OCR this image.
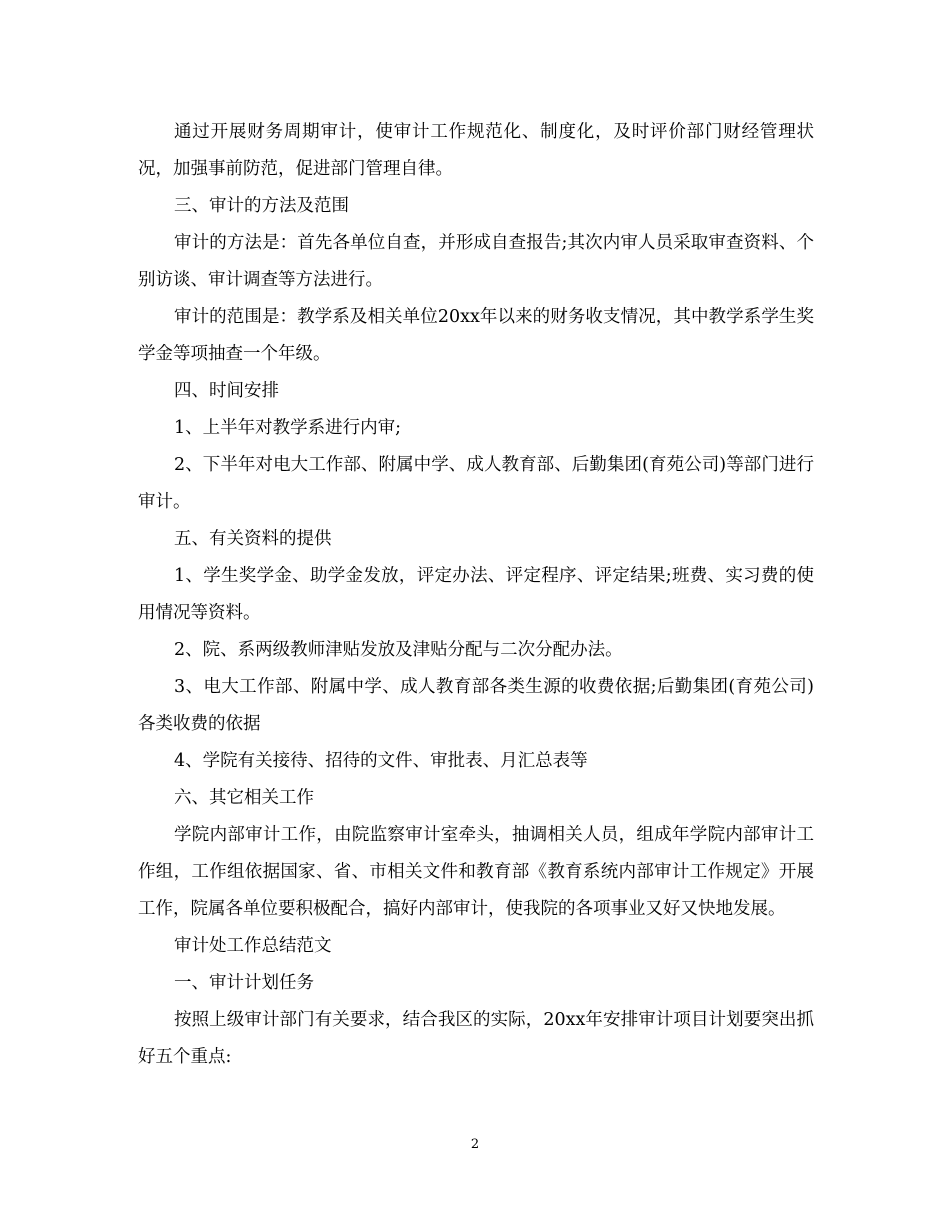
通过开展财务周期审计，使审计工作规范化、制度化，及时评价部门财经管理状况，加强事前防范，促进部门管理自律。

三、审计的方法及范围

审计的方法是：首先各单位自查，并形成自查报告;其次内审人员采取审查资料、个别访谈、审计调查等方法进行。

审计的范围是：教学系及相关单位20xx年以来的财务收支情况，其中教学系学生奖学金等项抽查一个年级。

四、时间安排

1、上半年对教学系进行内审;

2、下半年对电大工作部、附属中学、成人教育部、后勤集团(育苑公司)等部门进行审计。

五、有关资料的提供

1、学生奖学金、助学金发放，评定办法、评定程序、评定结果;班费、实习费的使用情况等资料。

2、院、系两级教师津贴发放及津贴分配与二次分配办法。

3、电大工作部、附属中学、成人教育部各类生源的收费依据;后勤集团(育苑公司)各类收费的依据

4、学院有关接待、招待的文件、审批表、月汇总表等

六、其它相关工作

学院内部审计工作，由院监察审计室牵头，抽调相关人员，组成年学院内部审计工作组，工作组依据国家、省、市相关文件和教育部《教育系统内部审计工作规定》开展工作，院属各单位要积极配合，搞好内部审计，使我院的各项事业又好又快地发展。

审计处工作总结范文

一、审计计划任务

按照上级审计部门有关要求，结合我区的实际，20xx年安排审计项目计划要突出抓好五个重点:

2
